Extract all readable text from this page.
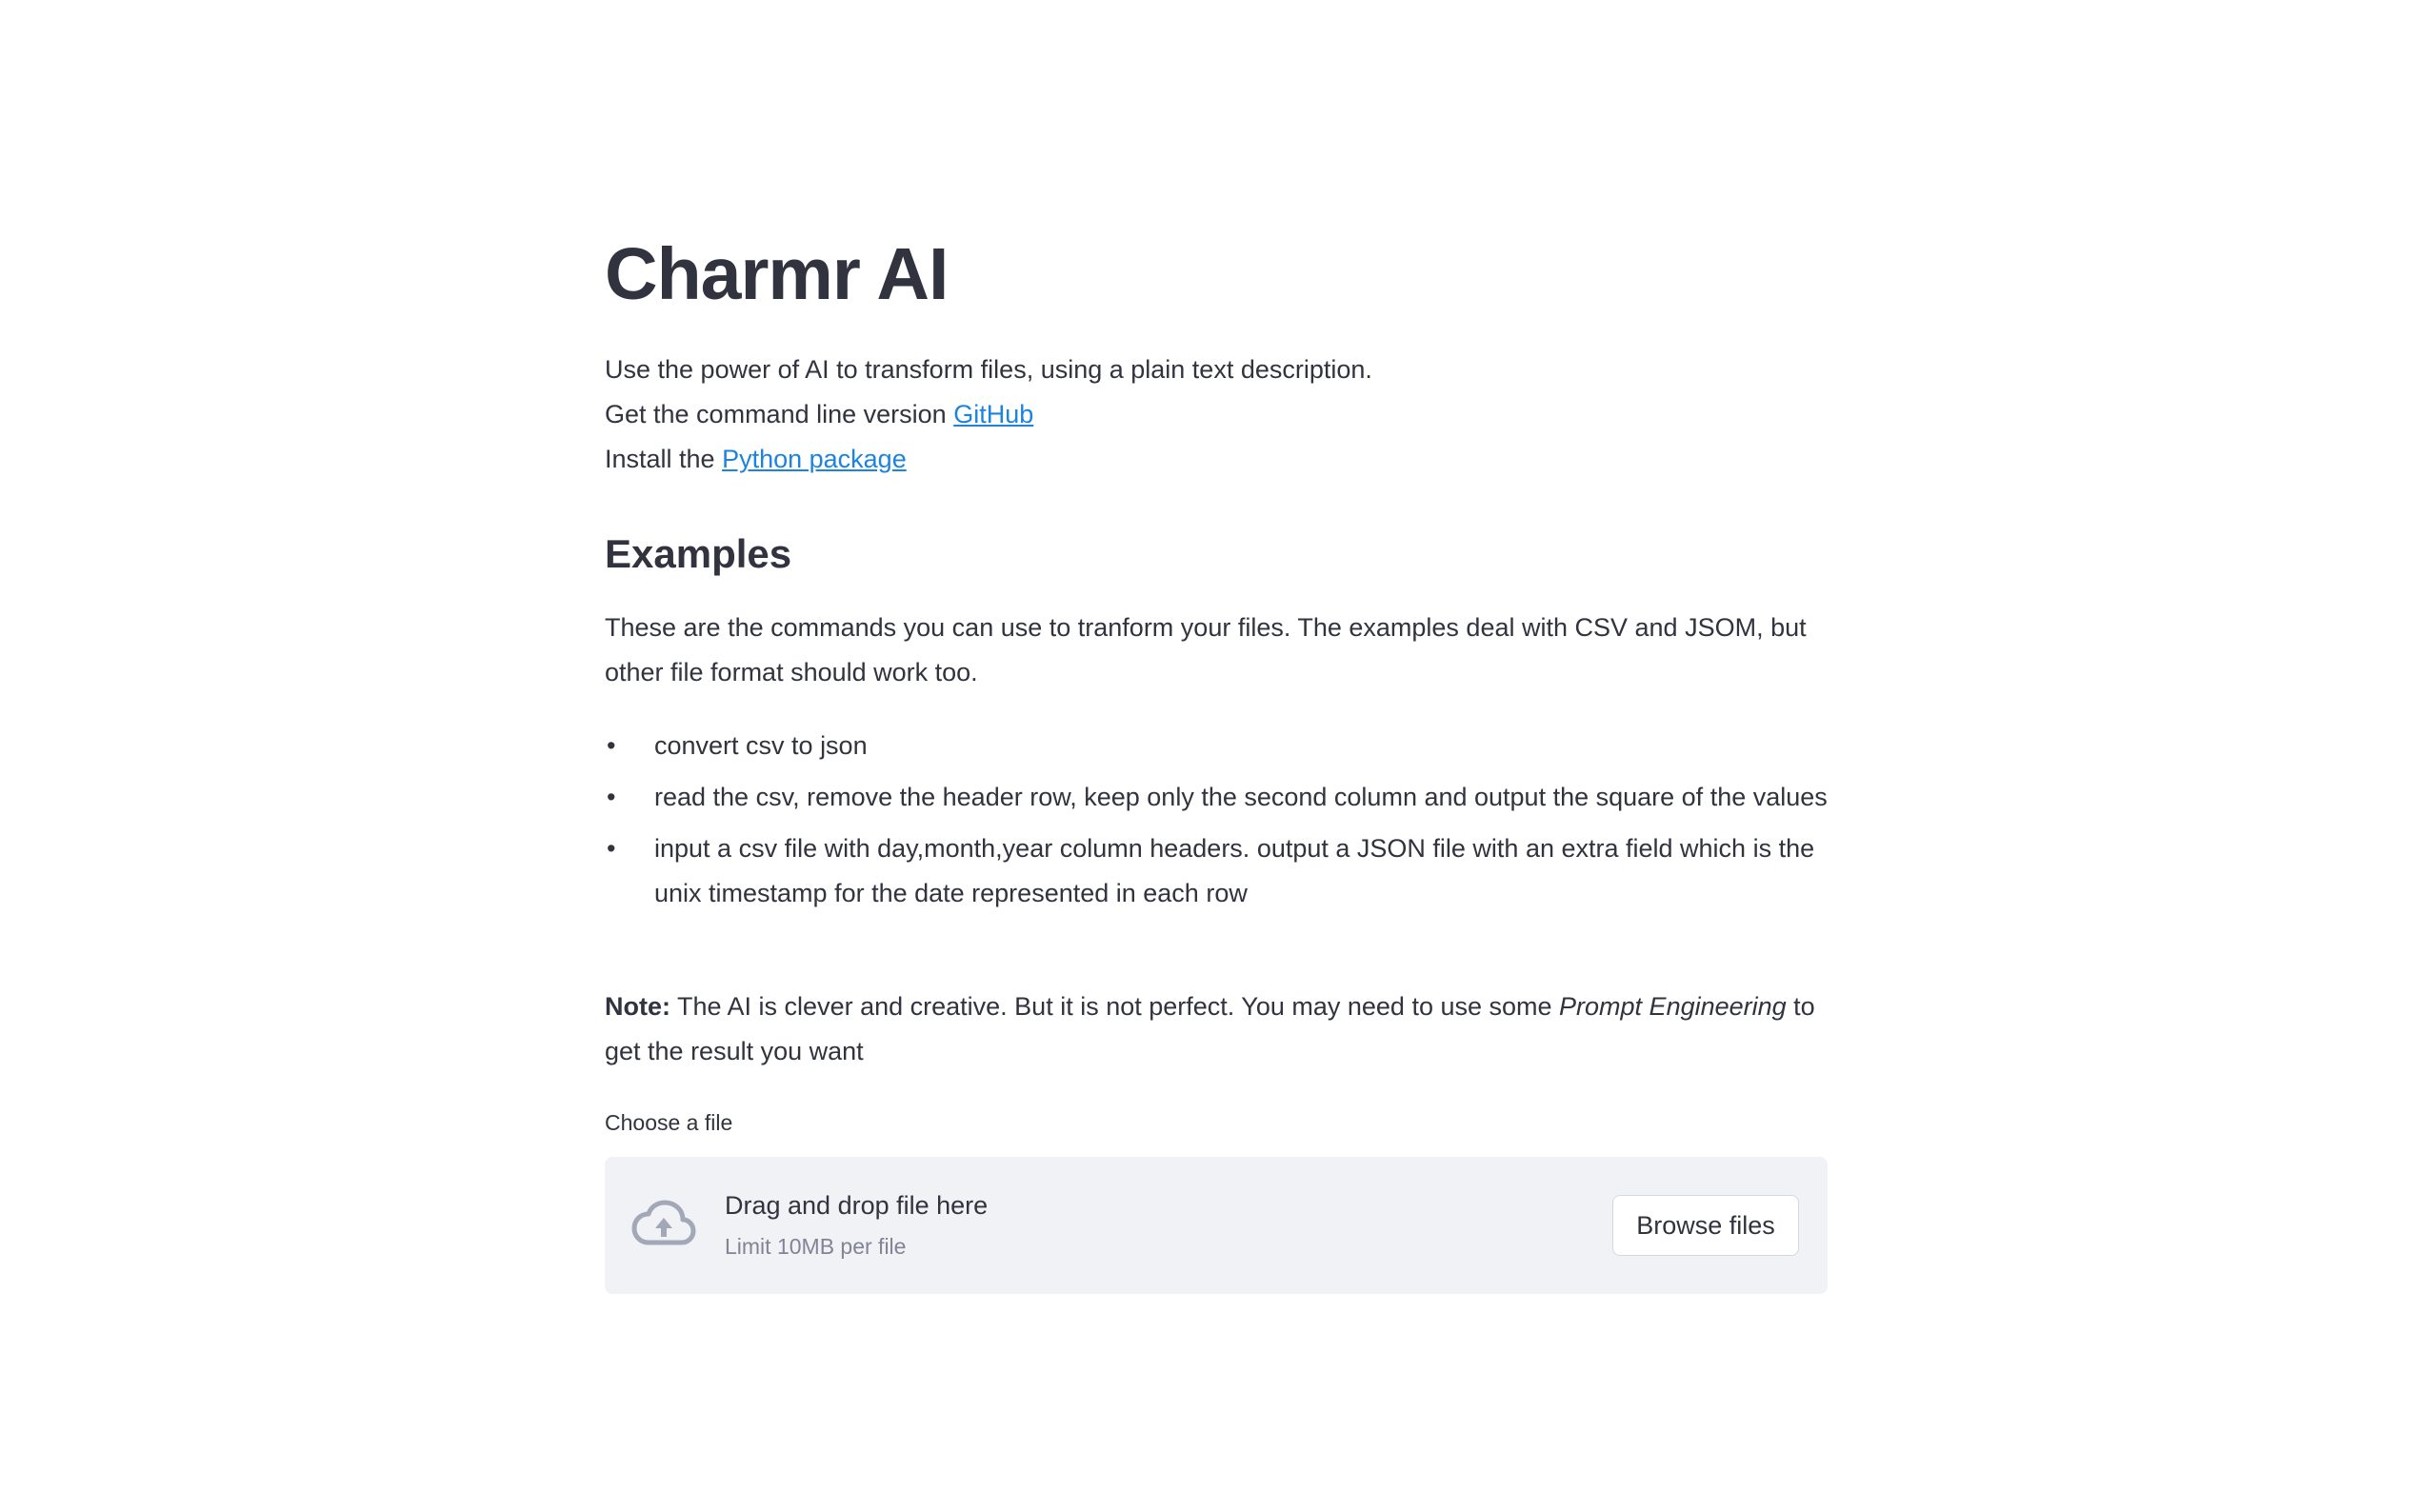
Charmr AI

Use the power of AI to transform files, using a plain text description.

Get the command line version GitHub

Install the Python package

Examples

These are the commands you can use to tranform your files. The examples deal with CSV and JSOM, but other file format should work too.

• convert csv to json
• read the csv, remove the header row, keep only the second column and output the square of the values
• input a csv file with day,month,year column headers. output a JSON file with an extra field which is the unix timestamp for the date represented in each row

Note: The AI is clever and creative. But it is not perfect. You may need to use some Prompt Engineering to get the result you want

Choose a file
Drag and drop file here
Limit 10MB per file
Browse files
